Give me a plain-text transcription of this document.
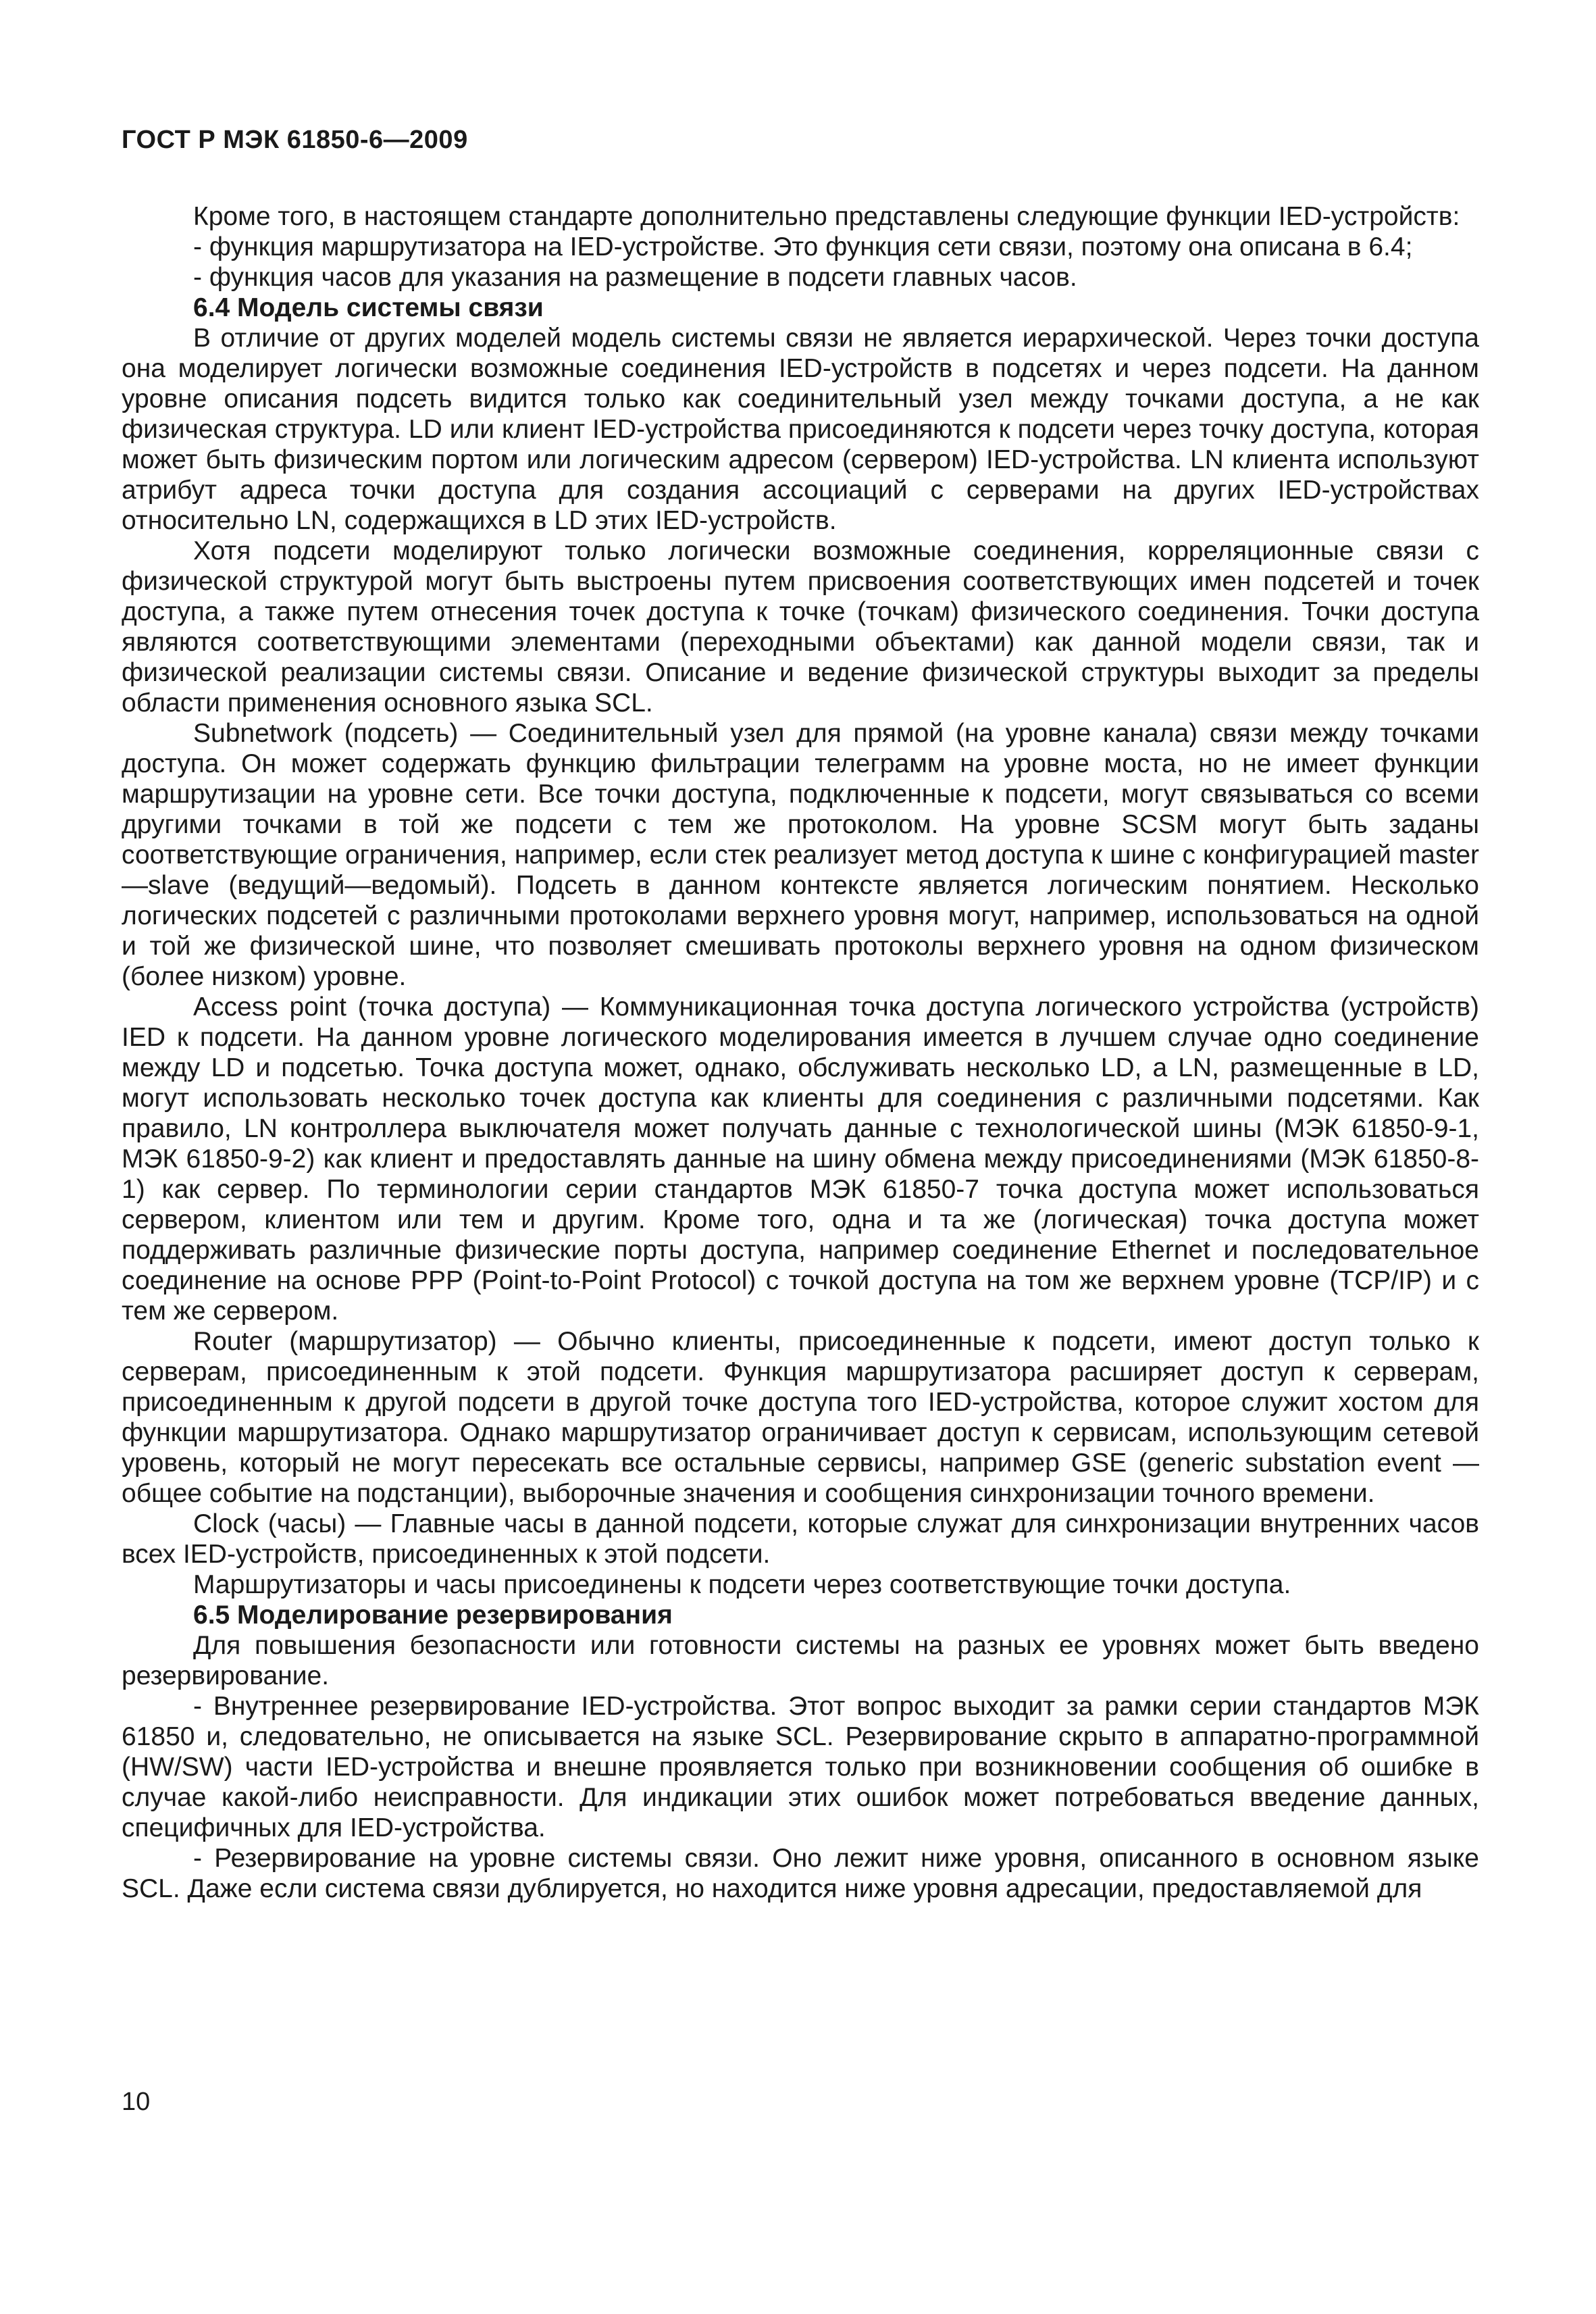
ГОСТ Р МЭК 61850-6—2009

Кроме того, в настоящем стандарте дополнительно представлены следующие функции IED-устройств:

- функция маршрутизатора на IED-устройстве. Это функция сети связи, поэтому она описана в 6.4;

- функция часов для указания на размещение в подсети главных часов.

6.4 Модель системы связи

В отличие от других моделей модель системы связи не является иерархической. Через точки доступа она моделирует логически возможные соединения IED-устройств в подсетях и через подсети. На данном уровне описания подсеть видится только как соединительный узел между точками доступа, а не как физическая структура. LD или клиент IED-устройства присоединяются к подсети через точку доступа, которая может быть физическим портом или логическим адресом (сервером) IED-устройства. LN клиента используют атрибут адреса точки доступа для создания ассоциаций с серверами на других IED-устройствах относительно LN, содержащихся в LD этих IED-устройств.

Хотя подсети моделируют только логически возможные соединения, корреляционные связи с физической структурой могут быть выстроены путем присвоения соответствующих имен подсетей и точек доступа, а также путем отнесения точек доступа к точке (точкам) физического соединения. Точки доступа являются соответствующими элементами (переходными объектами) как данной модели связи, так и физической реализации системы связи. Описание и ведение физической структуры выходит за пределы области применения основного языка SCL.

Subnetwork (подсеть) — Соединительный узел для прямой (на уровне канала) связи между точками доступа. Он может содержать функцию фильтрации телеграмм на уровне моста, но не имеет функции маршрутизации на уровне сети. Все точки доступа, подключенные к подсети, могут связываться со всеми другими точками в той же подсети с тем же протоколом. На уровне SCSM могут быть заданы соответствующие ограничения, например, если стек реализует метод доступа к шине с конфигурацией master—slave (ведущий—ведомый). Подсеть в данном контексте является логическим понятием. Несколько логических подсетей с различными протоколами верхнего уровня могут, например, использоваться на одной и той же физической шине, что позволяет смешивать протоколы верхнего уровня на одном физическом (более низком) уровне.

Access point (точка доступа) — Коммуникационная точка доступа логического устройства (устройств) IED к подсети. На данном уровне логического моделирования имеется в лучшем случае одно соединение между LD и подсетью. Точка доступа может, однако, обслуживать несколько LD, а LN, размещенные в LD, могут использовать несколько точек доступа как клиенты для соединения с различными подсетями. Как правило, LN контроллера выключателя может получать данные с технологической шины (МЭК 61850-9-1, МЭК 61850-9-2) как клиент и предоставлять данные на шину обмена между присоединениями (МЭК 61850-8-1) как сервер. По терминологии серии стандартов МЭК 61850-7 точка доступа может использоваться сервером, клиентом или тем и другим. Кроме того, одна и та же (логическая) точка доступа может поддерживать различные физические порты доступа, например соединение Ethernet и последовательное соединение на основе PPP (Point-to-Point Protocol) с точкой доступа на том же верхнем уровне (TCP/IP) и с тем же сервером.

Router (маршрутизатор) — Обычно клиенты, присоединенные к подсети, имеют доступ только к серверам, присоединенным к этой подсети. Функция маршрутизатора расширяет доступ к серверам, присоединенным к другой подсети в другой точке доступа того IED-устройства, которое служит хостом для функции маршрутизатора. Однако маршрутизатор ограничивает доступ к сервисам, использующим сетевой уровень, который не могут пересекать все остальные сервисы, например GSE (generic substation event — общее событие на подстанции), выборочные значения и сообщения синхронизации точного времени.

Clock (часы) — Главные часы в данной подсети, которые служат для синхронизации внутренних часов всех IED-устройств, присоединенных к этой подсети.

Маршрутизаторы и часы присоединены к подсети через соответствующие точки доступа.

6.5 Моделирование резервирования

Для повышения безопасности или готовности системы на разных ее уровнях может быть введено резервирование.

- Внутреннее резервирование IED-устройства. Этот вопрос выходит за рамки серии стандартов МЭК 61850 и, следовательно, не описывается на языке SCL. Резервирование скрыто в аппаратно-программной (HW/SW) части IED-устройства и внешне проявляется только при возникновении сообщения об ошибке в случае какой-либо неисправности. Для индикации этих ошибок может потребоваться введение данных, специфичных для IED-устройства.

- Резервирование на уровне системы связи. Оно лежит ниже уровня, описанного в основном языке SCL. Даже если система связи дублируется, но находится ниже уровня адресации, предоставляемой для

10
